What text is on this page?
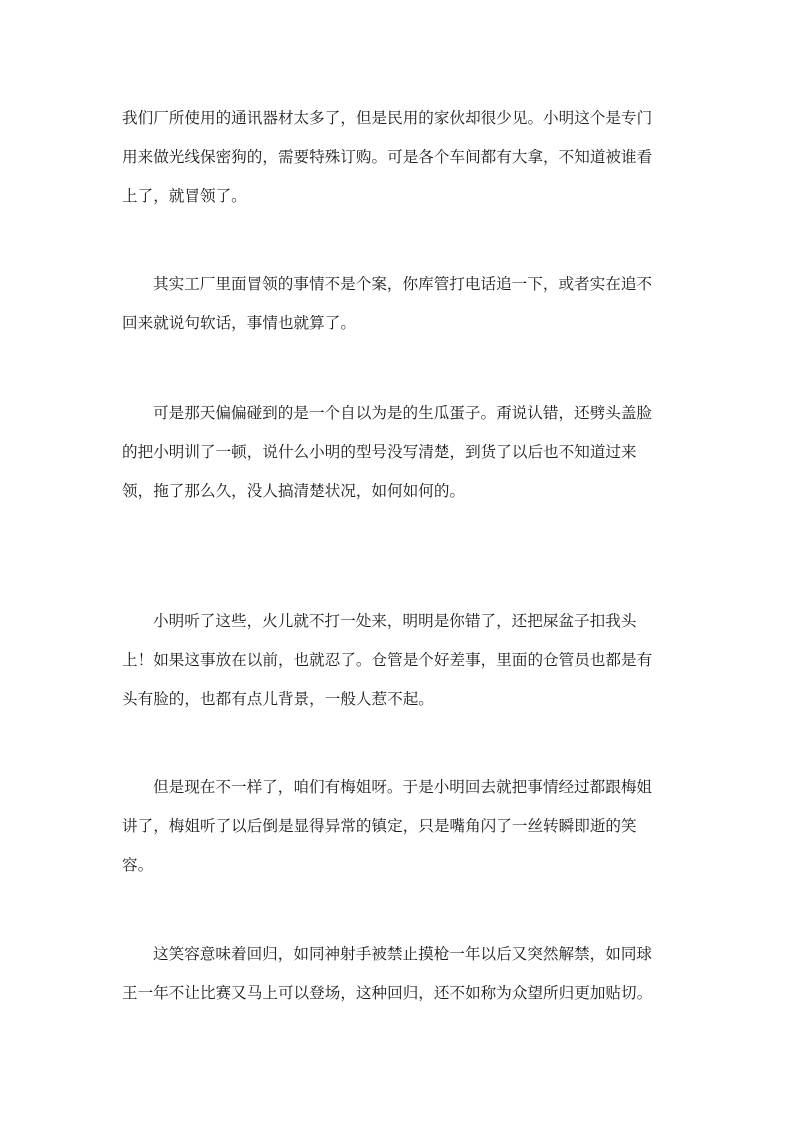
我们厂所使用的通讯器材太多了，但是民用的家伙却很少见。小明这个是专门
用来做光线保密狗的，需要特殊订购。可是各个车间都有大拿，不知道被谁看
上了，就冒领了。

其实工厂里面冒领的事情不是个案，你库管打电话追一下，或者实在追不
回来就说句软话，事情也就算了。

可是那天偏偏碰到的是一个自以为是的生瓜蛋子。甭说认错，还劈头盖脸
的把小明训了一顿，说什么小明的型号没写清楚，到货了以后也不知道过来
领，拖了那么久，没人搞清楚状况，如何如何的。

小明听了这些，火儿就不打一处来，明明是你错了，还把屎盆子扣我头
上！如果这事放在以前，也就忍了。仓管是个好差事，里面的仓管员也都是有
头有脸的，也都有点儿背景，一般人惹不起。

但是现在不一样了，咱们有梅姐呀。于是小明回去就把事情经过都跟梅姐
讲了，梅姐听了以后倒是显得异常的镇定，只是嘴角闪了一丝转瞬即逝的笑
容。

这笑容意味着回归，如同神射手被禁止摸枪一年以后又突然解禁，如同球
王一年不让比赛又马上可以登场，这种回归，还不如称为众望所归更加贴切。
